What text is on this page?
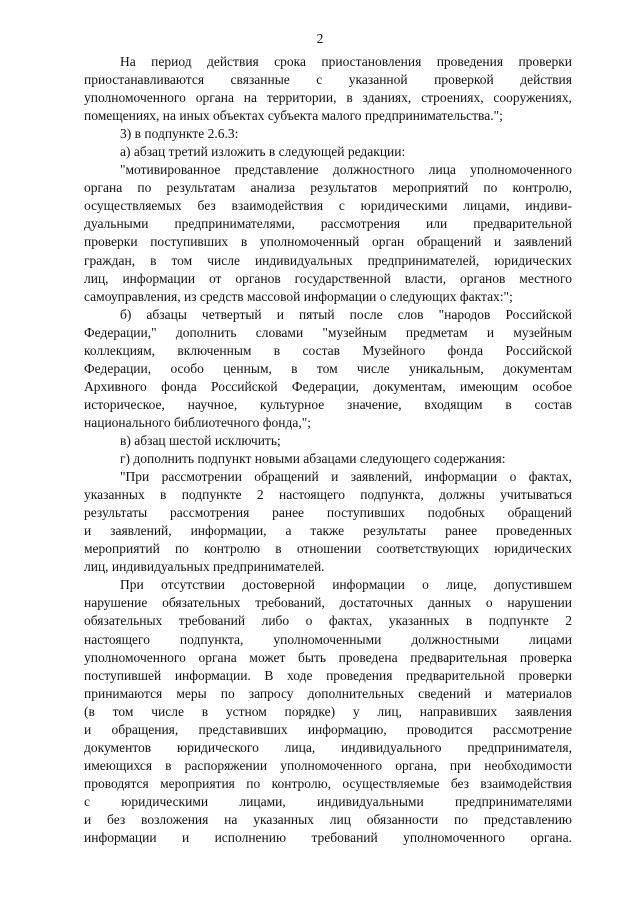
2
На период действия срока приостановления проведения проверки
приостанавливаются связанные с указанной проверкой действия
уполномоченного органа на территории, в зданиях, строениях, сооружениях,
помещениях, на иных объектах субъекта малого предпринимательства.";
3) в подпункте 2.6.3:
а) абзац третий изложить в следующей редакции:
"мотивированное представление должностного лица уполномоченного
органа по результатам анализа результатов мероприятий по контролю,
осуществляемых без взаимодействия с юридическими лицами, индиви-
дуальными предпринимателями, рассмотрения или предварительной
проверки поступивших в уполномоченный орган обращений и заявлений
граждан, в том числе индивидуальных предпринимателей, юридических
лиц, информации от органов государственной власти, органов местного
самоуправления, из средств массовой информации о следующих фактах:";
б) абзацы четвертый и пятый после слов "народов Российской
Федерации," дополнить словами "музейным предметам и музейным
коллекциям, включенным в состав Музейного фонда Российской
Федерации, особо ценным, в том числе уникальным, документам
Архивного фонда Российской Федерации, документам, имеющим особое
историческое, научное, культурное значение, входящим в состав
национального библиотечного фонда,";
в) абзац шестой исключить;
г) дополнить подпункт новыми абзацами следующего содержания:
"При рассмотрении обращений и заявлений, информации о фактах,
указанных в подпункте 2 настоящего подпункта, должны учитываться
результаты рассмотрения ранее поступивших подобных обращений
и заявлений, информации, а также результаты ранее проведенных
мероприятий по контролю в отношении соответствующих юридических
лиц, индивидуальных предпринимателей.
При отсутствии достоверной информации о лице, допустившем
нарушение обязательных требований, достаточных данных о нарушении
обязательных требований либо о фактах, указанных в подпункте 2
настоящего подпункта, уполномоченными должностными лицами
уполномоченного органа может быть проведена предварительная проверка
поступившей информации. В ходе проведения предварительной проверки
принимаются меры по запросу дополнительных сведений и материалов
(в том числе в устном порядке) у лиц, направивших заявления
и обращения, представивших информацию, проводится рассмотрение
документов юридического лица, индивидуального предпринимателя,
имеющихся в распоряжении уполномоченного органа, при необходимости
проводятся мероприятия по контролю, осуществляемые без взаимодействия
с юридическими лицами, индивидуальными предпринимателями
и без возложения на указанных лиц обязанности по представлению
информации и исполнению требований уполномоченного органа.
